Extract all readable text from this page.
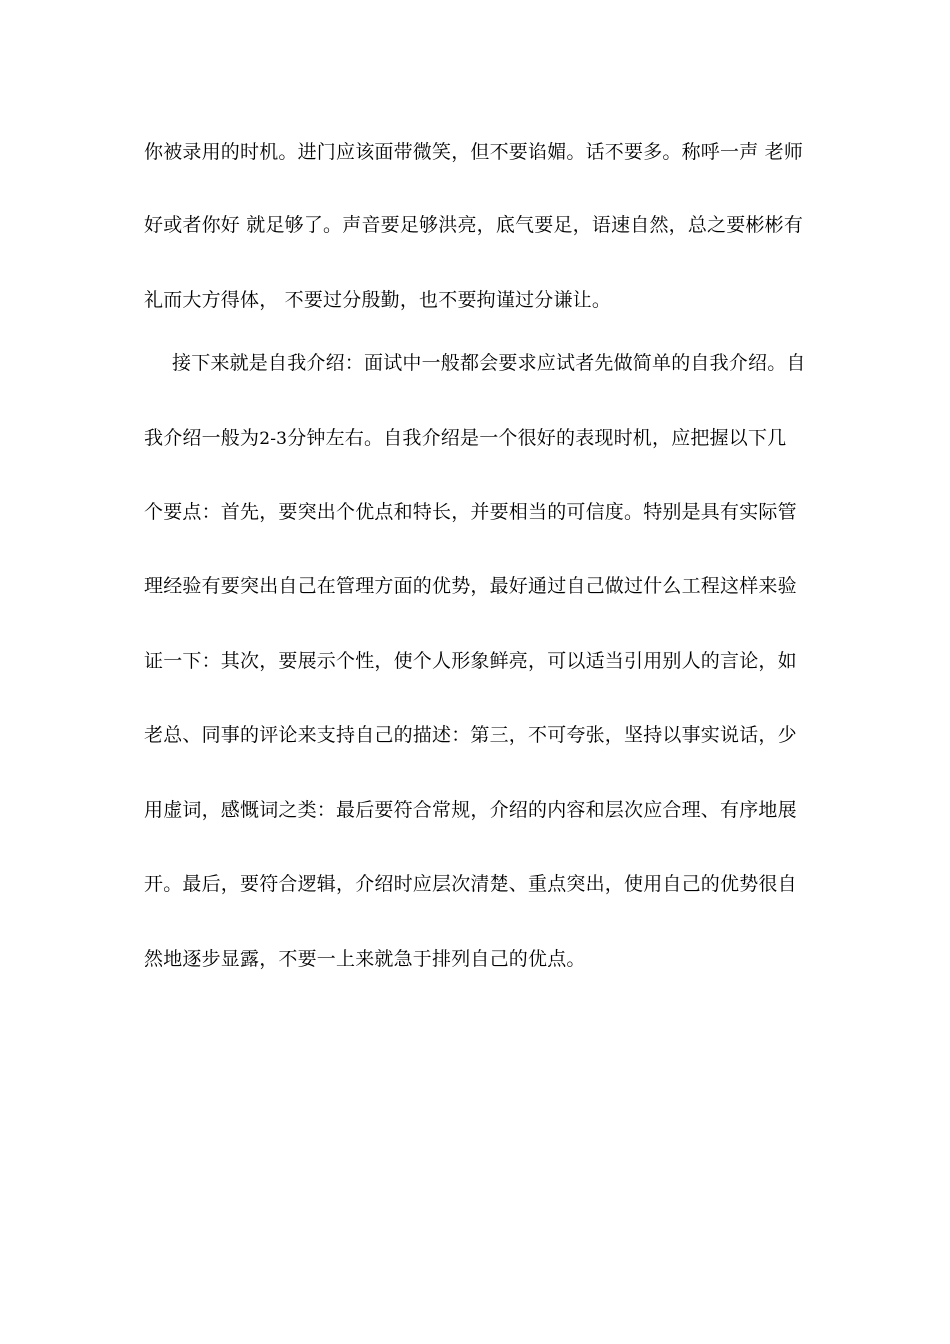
你被录用的时机。进门应该面带微笑，但不要谄媚。话不要多。称呼一声 老师
好或者你好 就足够了。声音要足够洪亮，底气要足，语速自然，总之要彬彬有
礼而大方得体， 不要过分殷勤，也不要拘谨过分谦让。
接下来就是自我介绍：面试中一般都会要求应试者先做简单的自我介绍。自
我介绍一般为2-3分钟左右。自我介绍是一个很好的表现时机，应把握以下几
个要点：首先，要突出个优点和特长，并要相当的可信度。特别是具有实际管
理经验有要突出自己在管理方面的优势，最好通过自己做过什么工程这样来验
证一下：其次，要展示个性，使个人形象鲜亮，可以适当引用别人的言论，如
老总、同事的评论来支持自己的描述：第三，不可夸张，坚持以事实说话，少
用虚词，感慨词之类：最后要符合常规，介绍的内容和层次应合理、有序地展
开。最后，要符合逻辑，介绍时应层次清楚、重点突出，使用自己的优势很自
然地逐步显露，不要一上来就急于排列自己的优点。
